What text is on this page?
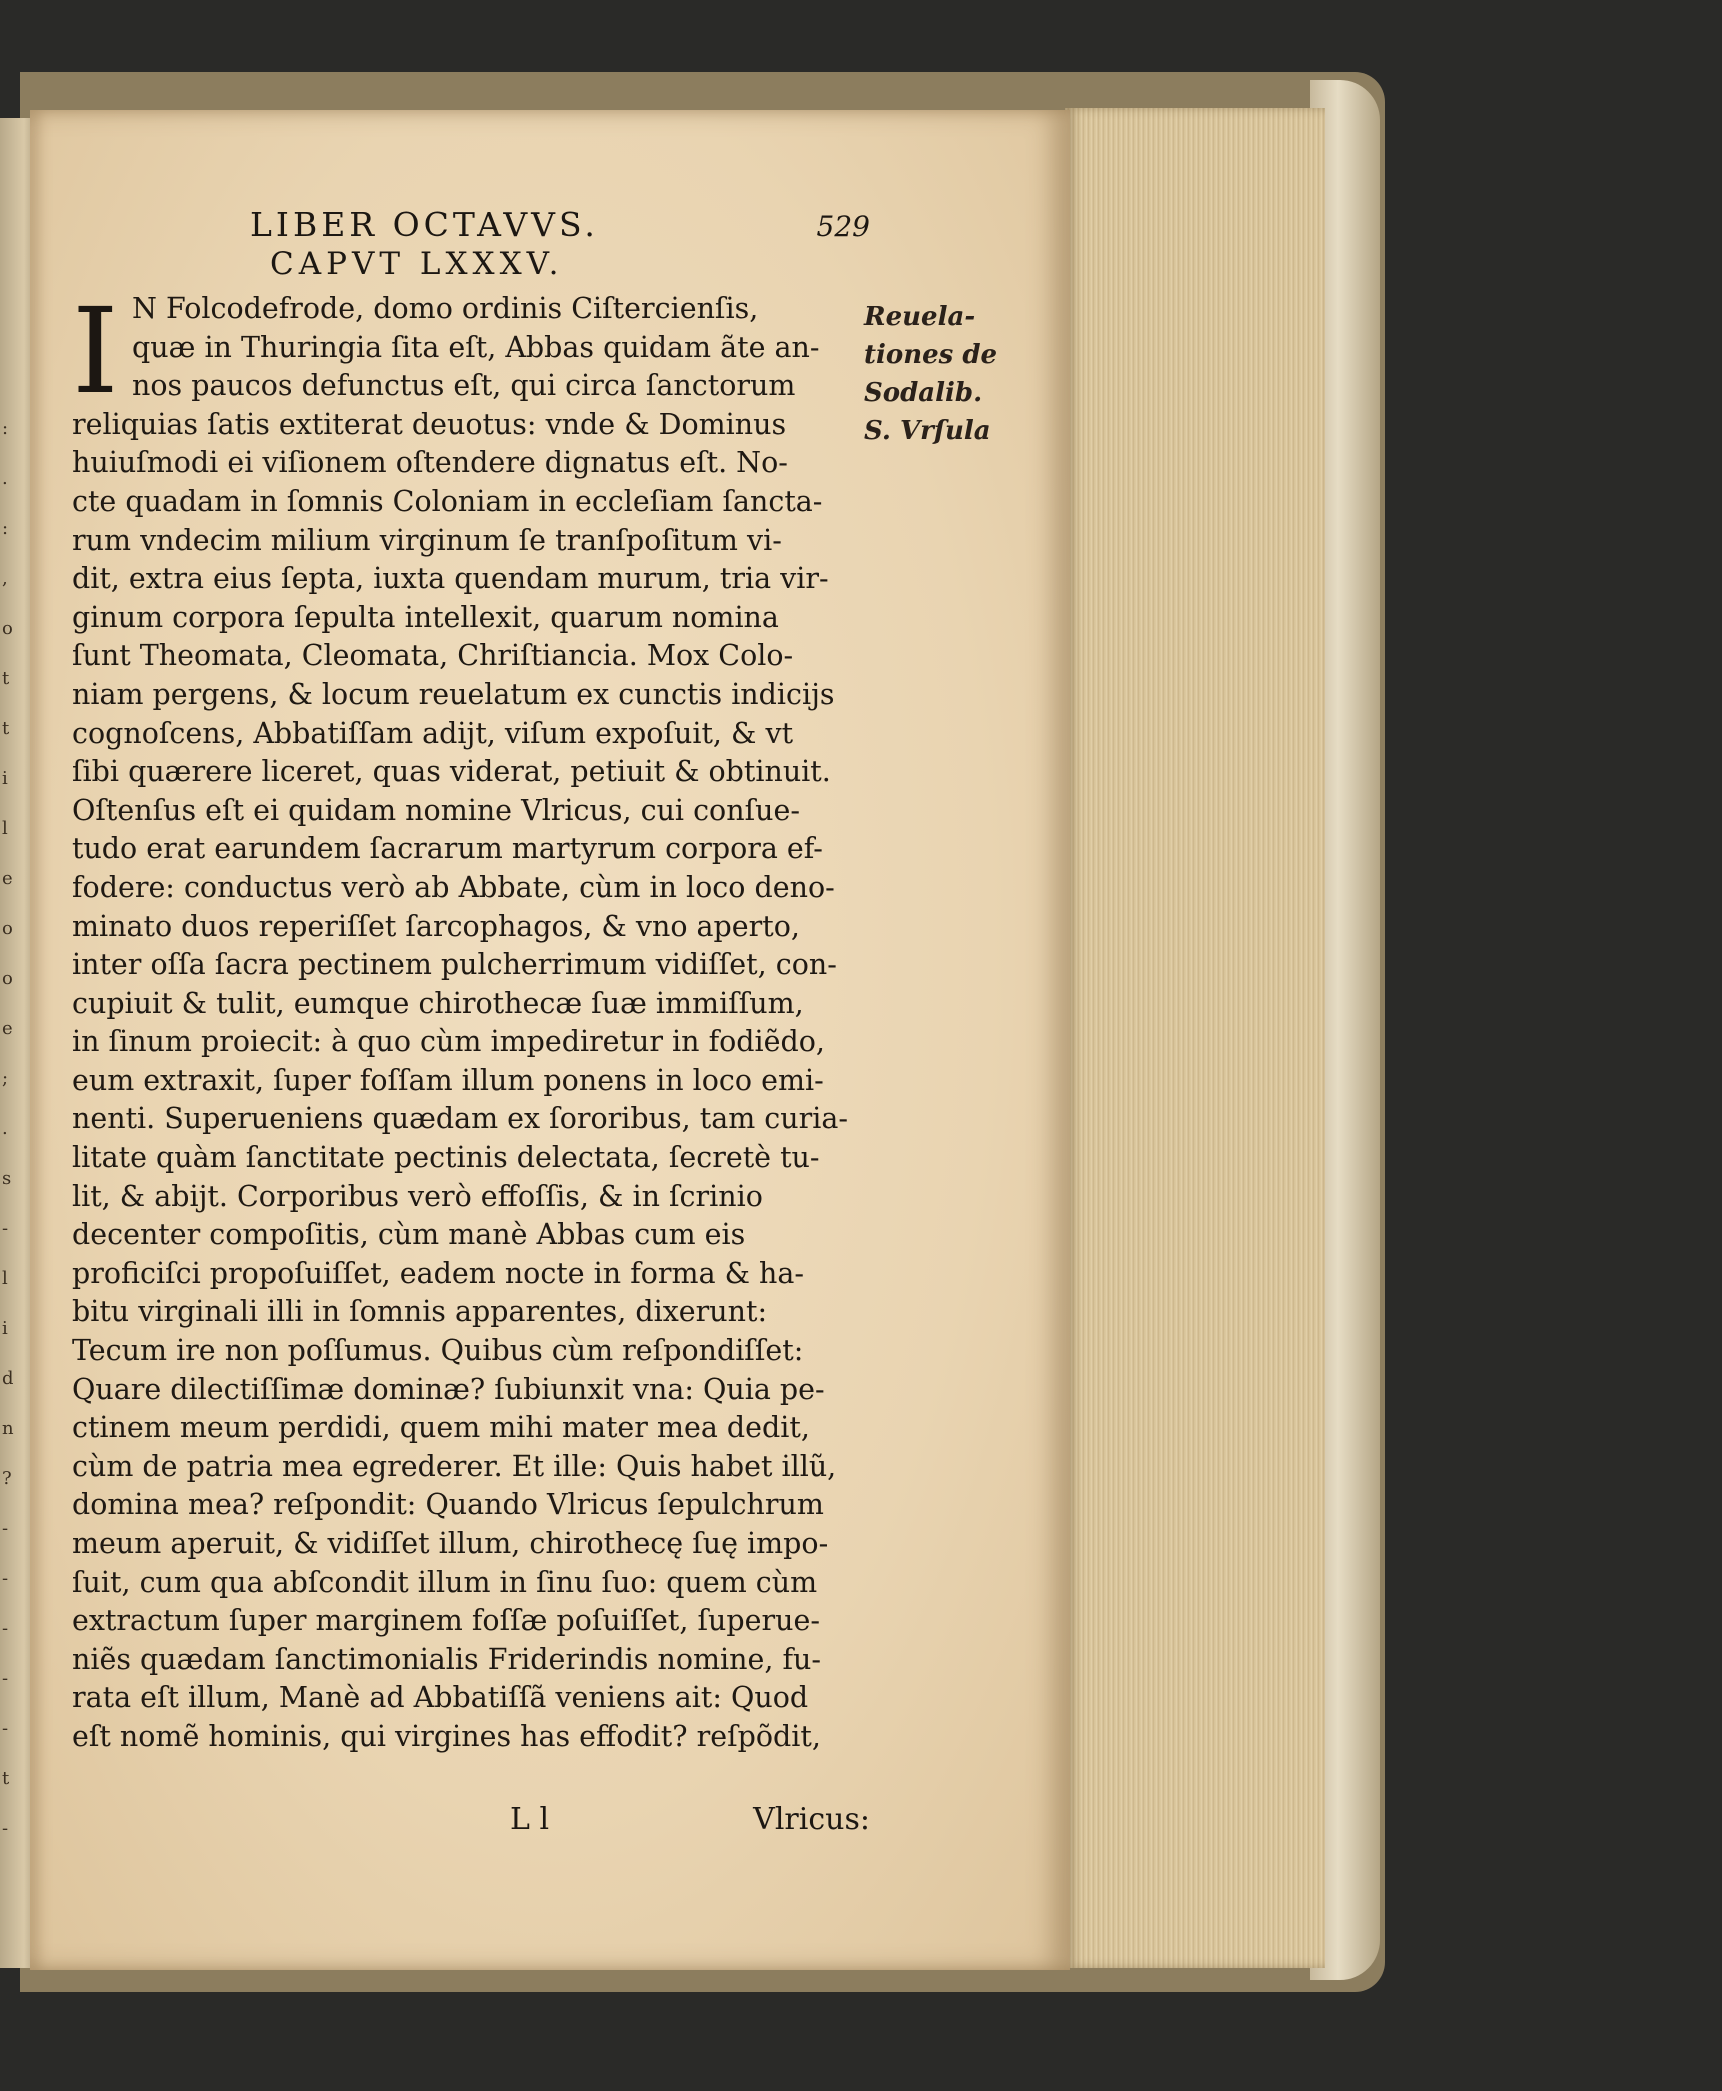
:
.
:
,
o
t
t
i
l
e
o
o
e
;
.
s
-
l
i
d
n
?
-
-
-
-
-
t
-
LIBER OCTAVVS.	529
CAPVT LXXXV.
I N Folcodefrode, domo ordinis Ciſtercienſis,
quæ in Thuringia ſita eſt, Abbas quidam ãte an-
nos paucos defunctus eſt, qui circa ſanctorum
reliquias ſatis extiterat deuotus: vnde & Dominus
huiuſmodi ei viſionem oſtendere dignatus eſt. No-
cte quadam in ſomnis Coloniam in eccleſiam ſancta-
rum vndecim milium virginum ſe tranſpoſitum vi-
dit, extra eius ſepta, iuxta quendam murum, tria vir-
ginum corpora ſepulta intellexit, quarum nomina
ſunt Theomata, Cleomata, Chriſtiancia. Mox Colo-
niam pergens, & locum reuelatum ex cunctis indicijs
cognoſcens, Abbatiſſam adijt, viſum expoſuit, & vt
ſibi quærere liceret, quas viderat, petiuit & obtinuit.
Oſtenſus eſt ei quidam nomine Vlricus, cui conſue-
tudo erat earundem ſacrarum martyrum corpora ef-
fodere: conductus verò ab Abbate, cùm in loco deno-
minato duos reperiſſet ſarcophagos, & vno aperto,
inter oſſa ſacra pectinem pulcherrimum vidiſſet, con-
cupiuit & tulit, eumque chirothecæ ſuæ immiſſum,
in ſinum proiecit: à quo cùm impediretur in fodiẽdo,
eum extraxit, ſuper foſſam illum ponens in loco emi-
nenti. Superueniens quædam ex ſororibus, tam curia-
litate quàm ſanctitate pectinis delectata, ſecretè tu-
lit, & abijt. Corporibus verò effoſſis, & in ſcrinio
decenter compoſitis, cùm manè Abbas cum eis
proficiſci propoſuiſſet, eadem nocte in forma & ha-
bitu virginali illi in ſomnis apparentes, dixerunt:
Tecum ire non poſſumus. Quibus cùm reſpondiſſet:
Quare dilectiſſimæ dominæ? ſubiunxit vna: Quia pe-
ctinem meum perdidi, quem mihi mater mea dedit,
cùm de patria mea egrederer. Et ille: Quis habet illũ,
domina mea? reſpondit: Quando Vlricus ſepulchrum
meum aperuit, & vidiſſet illum, chirothecę ſuę impo-
ſuit, cum qua abſcondit illum in ſinu ſuo: quem cùm
extractum ſuper marginem foſſæ poſuiſſet, ſuperue-
niẽs quædam ſanctimonialis Friderindis nomine, fu-
rata eſt illum, Manè ad Abbatiſſã veniens ait: Quod
eſt nomẽ hominis, qui virgines has effodit? reſpõdit,
Reuela-
tiones de
Sodalib.
S. Vrſula
L l	Vlricus:
